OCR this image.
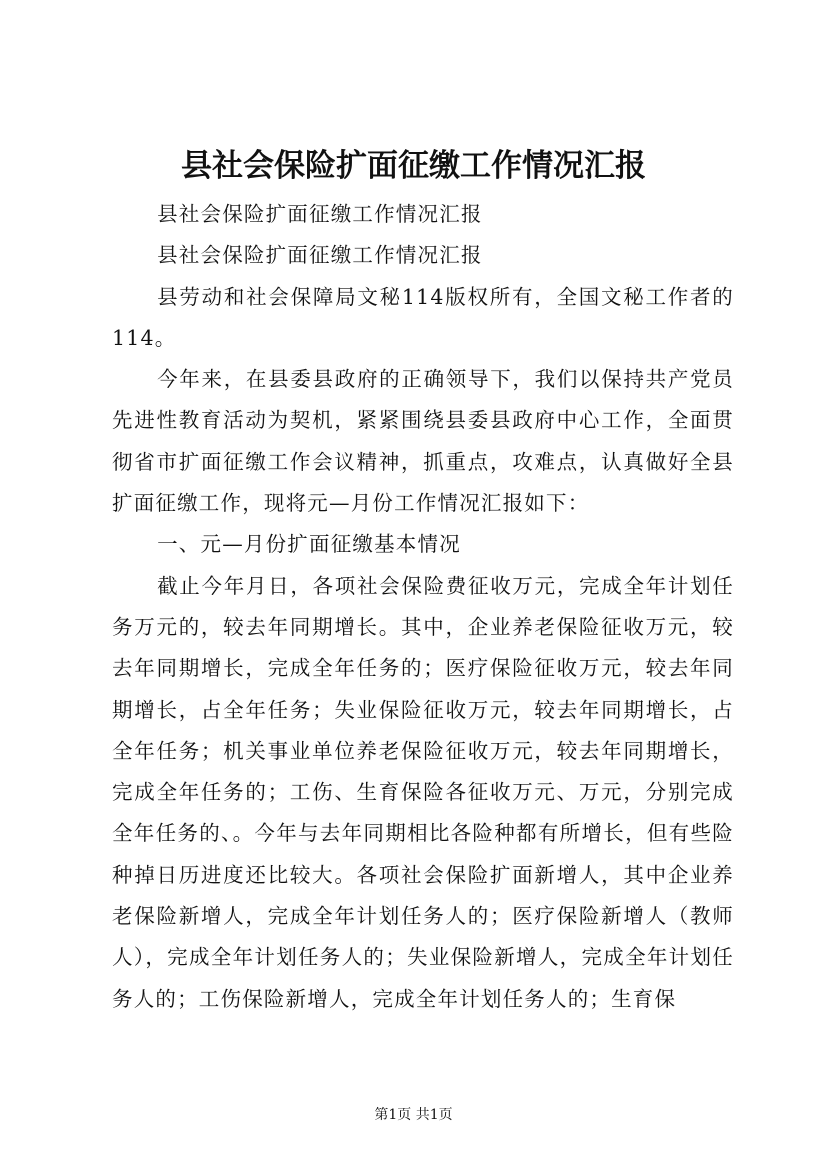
县社会保险扩面征缴工作情况汇报

县社会保险扩面征缴工作情况汇报

县社会保险扩面征缴工作情况汇报

县劳动和社会保障局文秘114版权所有，全国文秘工作者的114。

今年来，在县委县政府的正确领导下，我们以保持共产党员先进性教育活动为契机，紧紧围绕县委县政府中心工作，全面贯彻省市扩面征缴工作会议精神，抓重点，攻难点，认真做好全县扩面征缴工作，现将元—月份工作情况汇报如下：

一、元—月份扩面征缴基本情况

截止今年月日，各项社会保险费征收万元，完成全年计划任务万元的，较去年同期增长。其中，企业养老保险征收万元，较去年同期增长，完成全年任务的；医疗保险征收万元，较去年同期增长，占全年任务；失业保险征收万元，较去年同期增长，占全年任务；机关事业单位养老保险征收万元，较去年同期增长，完成全年任务的；工伤、生育保险各征收万元、万元，分别完成全年任务的、。今年与去年同期相比各险种都有所增长，但有些险种掉日历进度还比较大。各项社会保险扩面新增人，其中企业养老保险新增人，完成全年计划任务人的；医疗保险新增人（教师人），完成全年计划任务人的；失业保险新增人，完成全年计划任务人的；工伤保险新增人，完成全年计划任务人的；生育保

第1页 共1页
